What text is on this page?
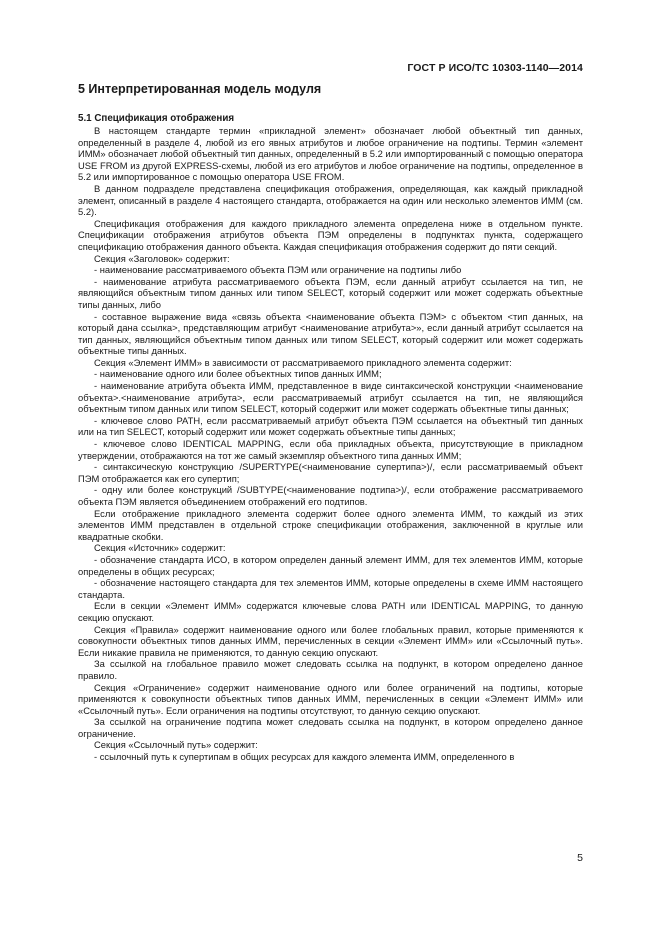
ГОСТ Р ИСО/ТС 10303-1140—2014
5 Интерпретированная модель модуля
5.1 Спецификация отображения

В настоящем стандарте термин «прикладной элемент» обозначает любой объектный тип данных, определенный в разделе 4, любой из его явных атрибутов и любое ограничение на подтипы. Термин «элемент ИММ» обозначает любой объектный тип данных, определенный в 5.2 или импортированный с помощью оператора USE FROM из другой EXPRESS-схемы, любой из его атрибутов и любое ограничение на подтипы, определенное в 5.2 или импортированное с помощью оператора USE FROM.

В данном подразделе представлена спецификация отображения, определяющая, как каждый прикладной элемент, описанный в разделе 4 настоящего стандарта, отображается на один или несколько элементов ИММ (см. 5.2).

Спецификация отображения для каждого прикладного элемента определена ниже в отдельном пункте. Спецификации отображения атрибутов объекта ПЭМ определены в подпунктах пункта, содержащего спецификацию отображения данного объекта. Каждая спецификация отображения содержит до пяти секций.

Секция «Заголовок» содержит:

- наименование рассматриваемого объекта ПЭМ или ограничение на подтипы либо

- наименование атрибута рассматриваемого объекта ПЭМ, если данный атрибут ссылается на тип, не являющийся объектным типом данных или типом SELECT, который содержит или может содержать объектные типы данных, либо

- составное выражение вида «связь объекта <наименование объекта ПЭМ> с объектом <тип данных, на который дана ссылка>, представляющим атрибут <наименование атрибута>», если данный атрибут ссылается на тип данных, являющийся объектным типом данных или типом SELECT, который содержит или может содержать объектные типы данных.

Секция «Элемент ИММ» в зависимости от рассматриваемого прикладного элемента содержит:

- наименование одного или более объектных типов данных ИММ;

- наименование атрибута объекта ИММ, представленное в виде синтаксической конструкции <наименование объекта>.<наименование атрибута>, если рассматриваемый атрибут ссылается на тип, не являющийся объектным типом данных или типом SELECT, который содержит или может содержать объектные типы данных;

- ключевое слово PATH, если рассматриваемый атрибут объекта ПЭМ ссылается на объектный тип данных или на тип SELECT, который содержит или может содержать объектные типы данных;

- ключевое слово IDENTICAL MAPPING, если оба прикладных объекта, присутствующие в прикладном утверждении, отображаются на тот же самый экземпляр объектного типа данных ИММ;

- синтаксическую конструкцию /SUPERTYPE(<наименование супертипа>)/, если рассматриваемый объект ПЭМ отображается как его супертип;

- одну или более конструкций /SUBTYPE(<наименование подтипа>)/, если отображение рассматриваемого объекта ПЭМ является объединением отображений его подтипов.

Если отображение прикладного элемента содержит более одного элемента ИММ, то каждый из этих элементов ИММ представлен в отдельной строке спецификации отображения, заключенной в круглые или квадратные скобки.

Секция «Источник» содержит:

- обозначение стандарта ИСО, в котором определен данный элемент ИММ, для тех элементов ИММ, которые определены в общих ресурсах;

- обозначение настоящего стандарта для тех элементов ИММ, которые определены в схеме ИММ настоящего стандарта.

Если в секции «Элемент ИММ» содержатся ключевые слова PATH или IDENTICAL MAPPING, то данную секцию опускают.

Секция «Правила» содержит наименование одного или более глобальных правил, которые применяются к совокупности объектных типов данных ИММ, перечисленных в секции «Элемент ИММ» или «Ссылочный путь». Если никакие правила не применяются, то данную секцию опускают.

За ссылкой на глобальное правило может следовать ссылка на подпункт, в котором определено данное правило.

Секция «Ограничение» содержит наименование одного или более ограничений на подтипы, которые применяются к совокупности объектных типов данных ИММ, перечисленных в секции «Элемент ИММ» или «Ссылочный путь». Если ограничения на подтипы отсутствуют, то данную секцию опускают.

За ссылкой на ограничение подтипа может следовать ссылка на подпункт, в котором определено данное ограничение.

Секция «Ссылочный путь» содержит:

- ссылочный путь к супертипам в общих ресурсах для каждого элемента ИММ, определенного в

5
